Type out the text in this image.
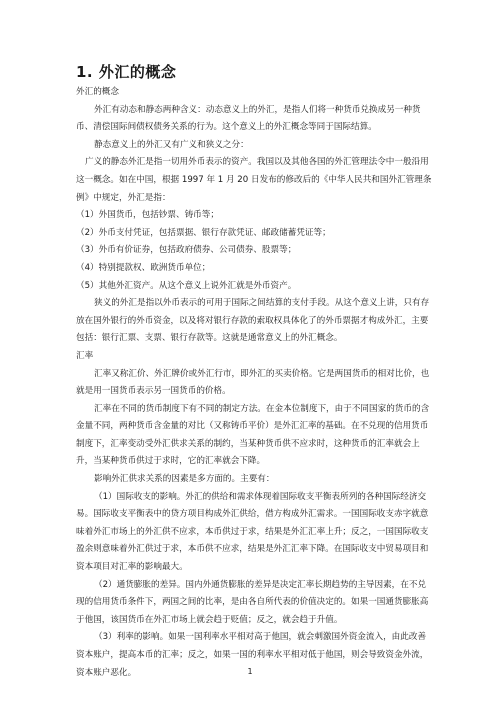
1. 外汇的概念

外汇的概念

外汇有动态和静态两种含义：动态意义上的外汇，是指人们将一种货币兑换成另一种货币、清偿国际间债权债务关系的行为。这个意义上的外汇概念等同于国际结算。

静态意义上的外汇又有广义和狭义之分：

广义的静态外汇是指一切用外币表示的资产。我国以及其他各国的外汇管理法令中一般沿用这一概念。如在中国，根据 1997 年 1 月 20 日发布的修改后的《中华人民共和国外汇管理条例》中规定，外汇是指：

（1）外国货币，包括钞票、铸币等；

（2）外币支付凭证，包括票据、银行存款凭证、邮政储蓄凭证等；

（3）外币有价证券，包括政府债券、公司债券、股票等；

（4）特别提款权、欧洲货币单位；

（5）其他外汇资产。从这个意义上说外汇就是外币资产。

狭义的外汇是指以外币表示的可用于国际之间结算的支付手段。从这个意义上讲，只有存放在国外银行的外币资金，以及将对银行存款的索取权具体化了的外币票据才构成外汇，主要包括：银行汇票、支票、银行存款等。这就是通常意义上的外汇概念。

汇率

汇率又称汇价、外汇牌价或外汇行市，即外汇的买卖价格。它是两国货币的相对比价，也就是用一国货币表示另一国货币的价格。

汇率在不同的货币制度下有不同的制定方法。在金本位制度下，由于不同国家的货币的含金量不同，两种货币含金量的对比（又称铸币平价）是外汇汇率的基础。在不兑现的信用货币制度下，汇率变动受外汇供求关系的制约，当某种货币供不应求时，这种货币的汇率就会上升，当某种货币供过于求时，它的汇率就会下降。

影响外汇供求关系的因素是多方面的。主要有：

（1）国际收支的影响。外汇的供给和需求体现着国际收支平衡表所列的各种国际经济交易。国际收支平衡表中的贷方项目构成外汇供给，借方构成外汇需求。一国国际收支赤字就意味着外汇市场上的外汇供不应求，本币供过于求，结果是外汇汇率上升；反之，一国国际收支盈余则意味着外汇供过于求，本币供不应求，结果是外汇汇率下降。在国际收支中贸易项目和资本项目对汇率的影响最大。

（2）通货膨胀的差异。国内外通货膨胀的差异是决定汇率长期趋势的主导因素，在不兑现的信用货币条件下，两国之间的比率，是由各自所代表的价值决定的。如果一国通货膨胀高于他国，该国货币在外汇市场上就会趋于贬值；反之，就会趋于升值。

（3）利率的影响。如果一国利率水平相对高于他国，就会刺激国外资金流入，由此改善资本账户，提高本币的汇率；反之，如果一国的利率水平相对低于他国，则会导致资金外流，资本账户恶化。	1
